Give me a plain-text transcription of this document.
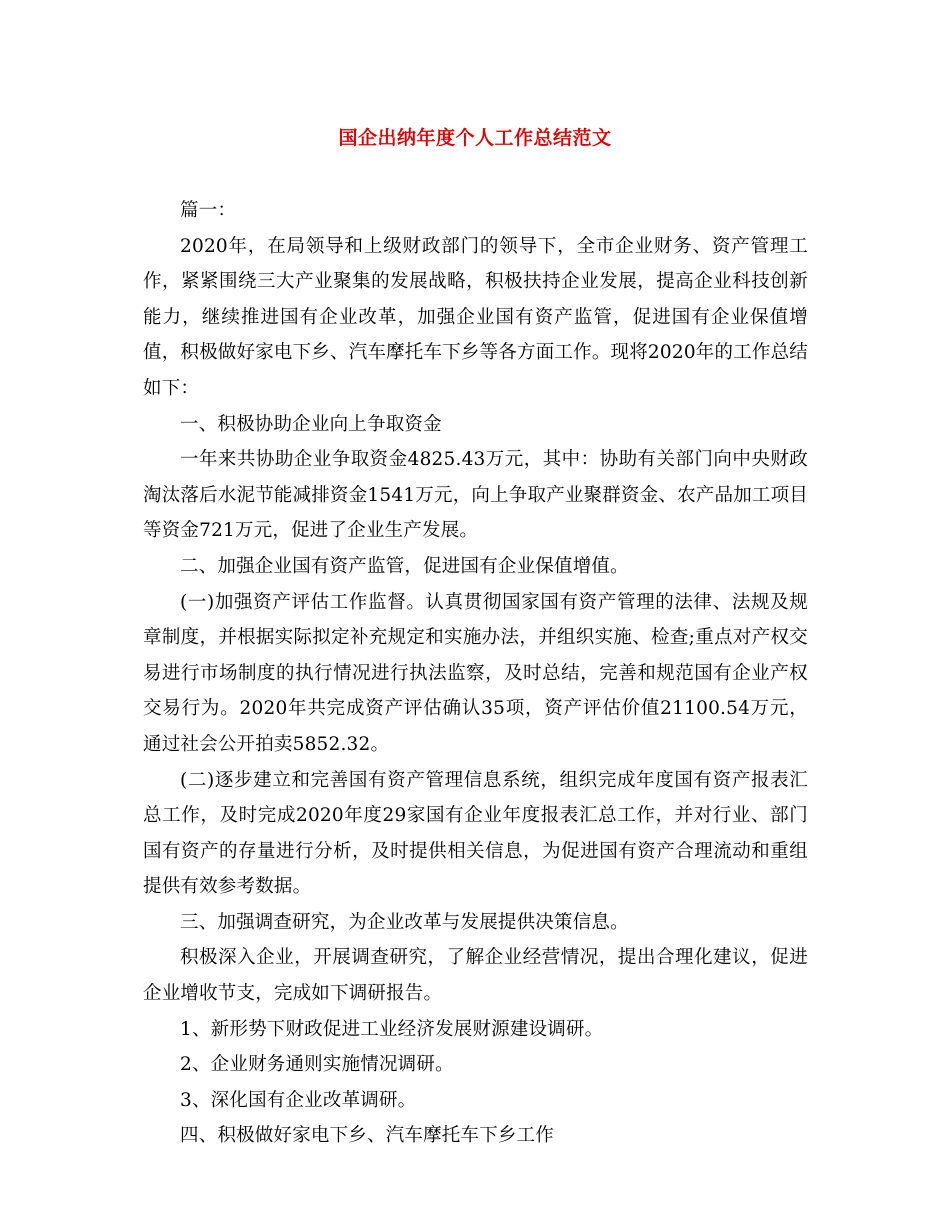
国企出纳年度个人工作总结范文

篇一：

2020年，在局领导和上级财政部门的领导下，全市企业财务、资产管理工作，紧紧围绕三大产业聚集的发展战略，积极扶持企业发展，提高企业科技创新能力，继续推进国有企业改革，加强企业国有资产监管，促进国有企业保值增值，积极做好家电下乡、汽车摩托车下乡等各方面工作。现将2020年的工作总结如下：

一、积极协助企业向上争取资金

一年来共协助企业争取资金4825.43万元，其中：协助有关部门向中央财政淘汰落后水泥节能减排资金1541万元，向上争取产业聚群资金、农产品加工项目等资金721万元，促进了企业生产发展。

二、加强企业国有资产监管，促进国有企业保值增值。

(一)加强资产评估工作监督。认真贯彻国家国有资产管理的法律、法规及规章制度，并根据实际拟定补充规定和实施办法，并组织实施、检查;重点对产权交易进行市场制度的执行情况进行执法监察，及时总结，完善和规范国有企业产权交易行为。2020年共完成资产评估确认35项，资产评估价值21100.54万元，通过社会公开拍卖5852.32。

(二)逐步建立和完善国有资产管理信息系统，组织完成年度国有资产报表汇总工作，及时完成2020年度29家国有企业年度报表汇总工作，并对行业、部门国有资产的存量进行分析，及时提供相关信息，为促进国有资产合理流动和重组提供有效参考数据。

三、加强调查研究，为企业改革与发展提供决策信息。

积极深入企业，开展调查研究，了解企业经营情况，提出合理化建议，促进企业增收节支，完成如下调研报告。

1、新形势下财政促进工业经济发展财源建设调研。

2、企业财务通则实施情况调研。

3、深化国有企业改革调研。

四、积极做好家电下乡、汽车摩托车下乡工作
